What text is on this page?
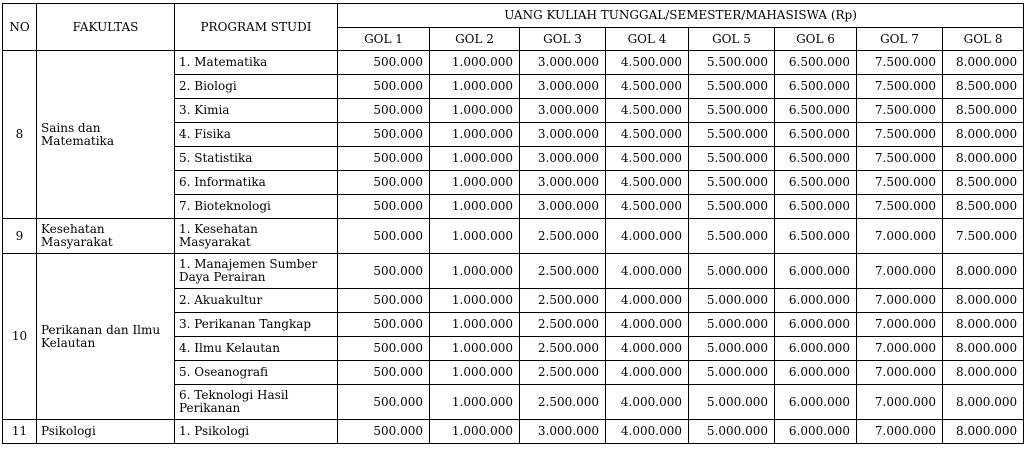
NO	FAKULTAS	PROGRAM STUDI	UANG KULIAH TUNGGAL/SEMESTER/MAHASISWA (Rp)							
			GOL 1	GOL 2	GOL 3	GOL 4	GOL 5	GOL 6	GOL 7	GOL 8
8	Sains dan Matematika	1. Matematika	500.000	1.000.000	3.000.000	4.500.000	5.500.000	6.500.000	7.500.000	8.000.000
		2. Biologi	500.000	1.000.000	3.000.000	4.500.000	5.500.000	6.500.000	7.500.000	8.500.000
		3. Kimia	500.000	1.000.000	3.000.000	4.500.000	5.500.000	6.500.000	7.500.000	8.500.000
		4. Fisika	500.000	1.000.000	3.000.000	4.500.000	5.500.000	6.500.000	7.500.000	8.000.000
		5. Statistika	500.000	1.000.000	3.000.000	4.500.000	5.500.000	6.500.000	7.500.000	8.000.000
		6. Informatika	500.000	1.000.000	3.000.000	4.500.000	5.500.000	6.500.000	7.500.000	8.500.000
		7. Bioteknologi	500.000	1.000.000	3.000.000	4.500.000	5.500.000	6.500.000	7.500.000	8.500.000
9	Kesehatan Masyarakat	1. Kesehatan Masyarakat	500.000	1.000.000	2.500.000	4.000.000	5.500.000	6.500.000	7.000.000	7.500.000
10	Perikanan dan Ilmu Kelautan	1. Manajemen Sumber Daya Perairan	500.000	1.000.000	2.500.000	4.000.000	5.000.000	6.000.000	7.000.000	8.000.000
		2. Akuakultur	500.000	1.000.000	2.500.000	4.000.000	5.000.000	6.000.000	7.000.000	8.000.000
		3. Perikanan Tangkap	500.000	1.000.000	2.500.000	4.000.000	5.000.000	6.000.000	7.000.000	8.000.000
		4. Ilmu Kelautan	500.000	1.000.000	2.500.000	4.000.000	5.000.000	6.000.000	7.000.000	8.000.000
		5. Oseanografi	500.000	1.000.000	2.500.000	4.000.000	5.000.000	6.000.000	7.000.000	8.000.000
		6. Teknologi Hasil Perikanan	500.000	1.000.000	2.500.000	4.000.000	5.000.000	6.000.000	7.000.000	8.000.000
11	Psikologi	1. Psikologi	500.000	1.000.000	3.000.000	4.000.000	5.000.000	6.000.000	7.000.000	8.000.000
